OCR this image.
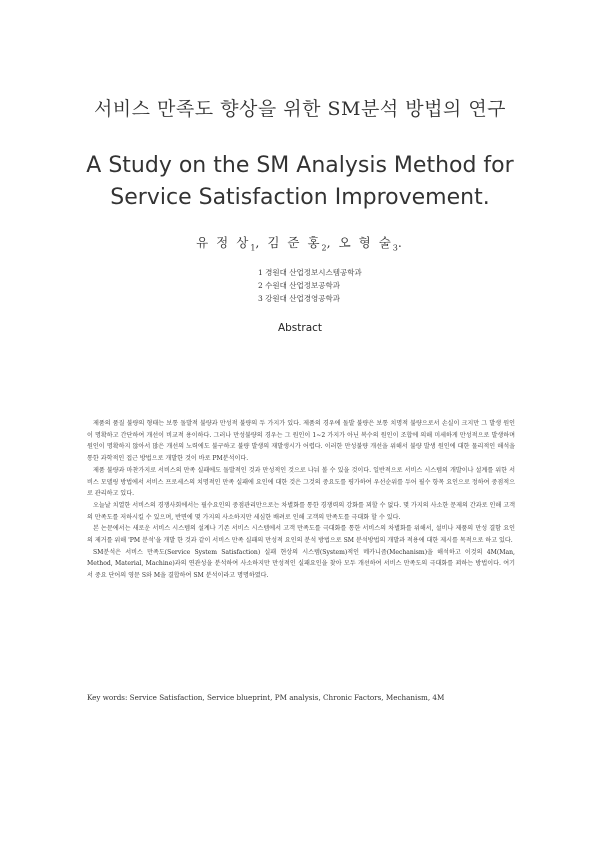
서비스 만족도 향상을 위한 SM분석 방법의 연구
A Study on the SM Analysis Method for
Service Satisfaction Improvement.
유 정 상$_1$, 김 준 홍$_2$, 오 형 술$_3$.
1 경원대 산업정보시스템공학과
2 수원대 산업정보공학과
3 강원대 산업경영공학과
Abstract

제품의 품질 불량의 형태는 보통 돌발적 불량과 만성적 불량의 두 가지가 있다. 제품의 경우에 돌발 불량은 보통 치명적 불량으로서 손실이 크지만 그 발생 원인이 명확하고 간단하여 개선이 비교적 용이하다. 그러나 만성불량의 경우는 그 원인이 1~2 가지가 아닌 복수의 원인이 조합에 의해 미세하게 만성적으로 발생하며 원인이 명확하지 않아서 많은 개선의 노력에도 불구하고 불량 발생의 재발생시가 어렵다. 이러한 만성불량 개선을 위해서 불량 발생 원인에 대한 물리적인 해석을 통한 과학적인 접근 방법으로 개발한 것이 바로 PM분석이다.

제품 불량과 마찬가지로 서비스의 만족 실패에도 돌발적인 것과 만성적인 것으로 나눠 볼 수 있을 것이다. 일반적으로 서비스 시스템의 개발이나 설계를 위한 서비스 모델링 방법에서 서비스 프로세스의 치명적인 만족 실패에 요인에 대한 것은 그것의 중요도를 평가하여 우선순위를 두어 필수 항목 요인으로 정하여 중점적으로 관리하고 있다.

오늘날 치열한 서비스의 경쟁사회에서는 필수요인의 중점관리만으로는 차별화를 통한 경쟁력의 강화를 꾀할 수 없다. 몇 가지의 사소한 문제의 간과로 인해 고객의 만족도를 저하시킬 수 있으며, 반면에 몇 가지의 사소하지만 세심한 배려로 인해 고객의 만족도를 극대화 할 수 있다.

본 논문에서는 새로운 서비스 시스템의 설계나 기존 서비스 시스템에서 고객 만족도를 극대화를 통한 서비스의 차별화를 위해서, 설비나 제품의 만성 결함 요인의 제거를 위해 'PM 분석'을 개발 한 것과 같이 서비스 만족 실패의 만성적 요인의 분석 방법으로 SM 분석방법의 개발과 적용에 대한 제시를 목적으로 하고 있다.

SM분석은 서비스 만족도(Service System Satisfaction) 실패 현상의 시스템(System)적인 메카니즘(Mechanism)을 해석하고 이것의 4M(Man, Method, Material, Machine)과의 연관성을 분석하여 사소하지만 만성적인 실패요인을 찾아 모두 개선하여 서비스 만족도의 극대화를 꾀하는 방법이다. 여기서 중요 단어의 영문 S와 M을 결합하여 SM 분석이라고 명명하였다.

Key words: Service Satisfaction, Service blueprint, PM analysis, Chronic Factors, Mechanism, 4M
